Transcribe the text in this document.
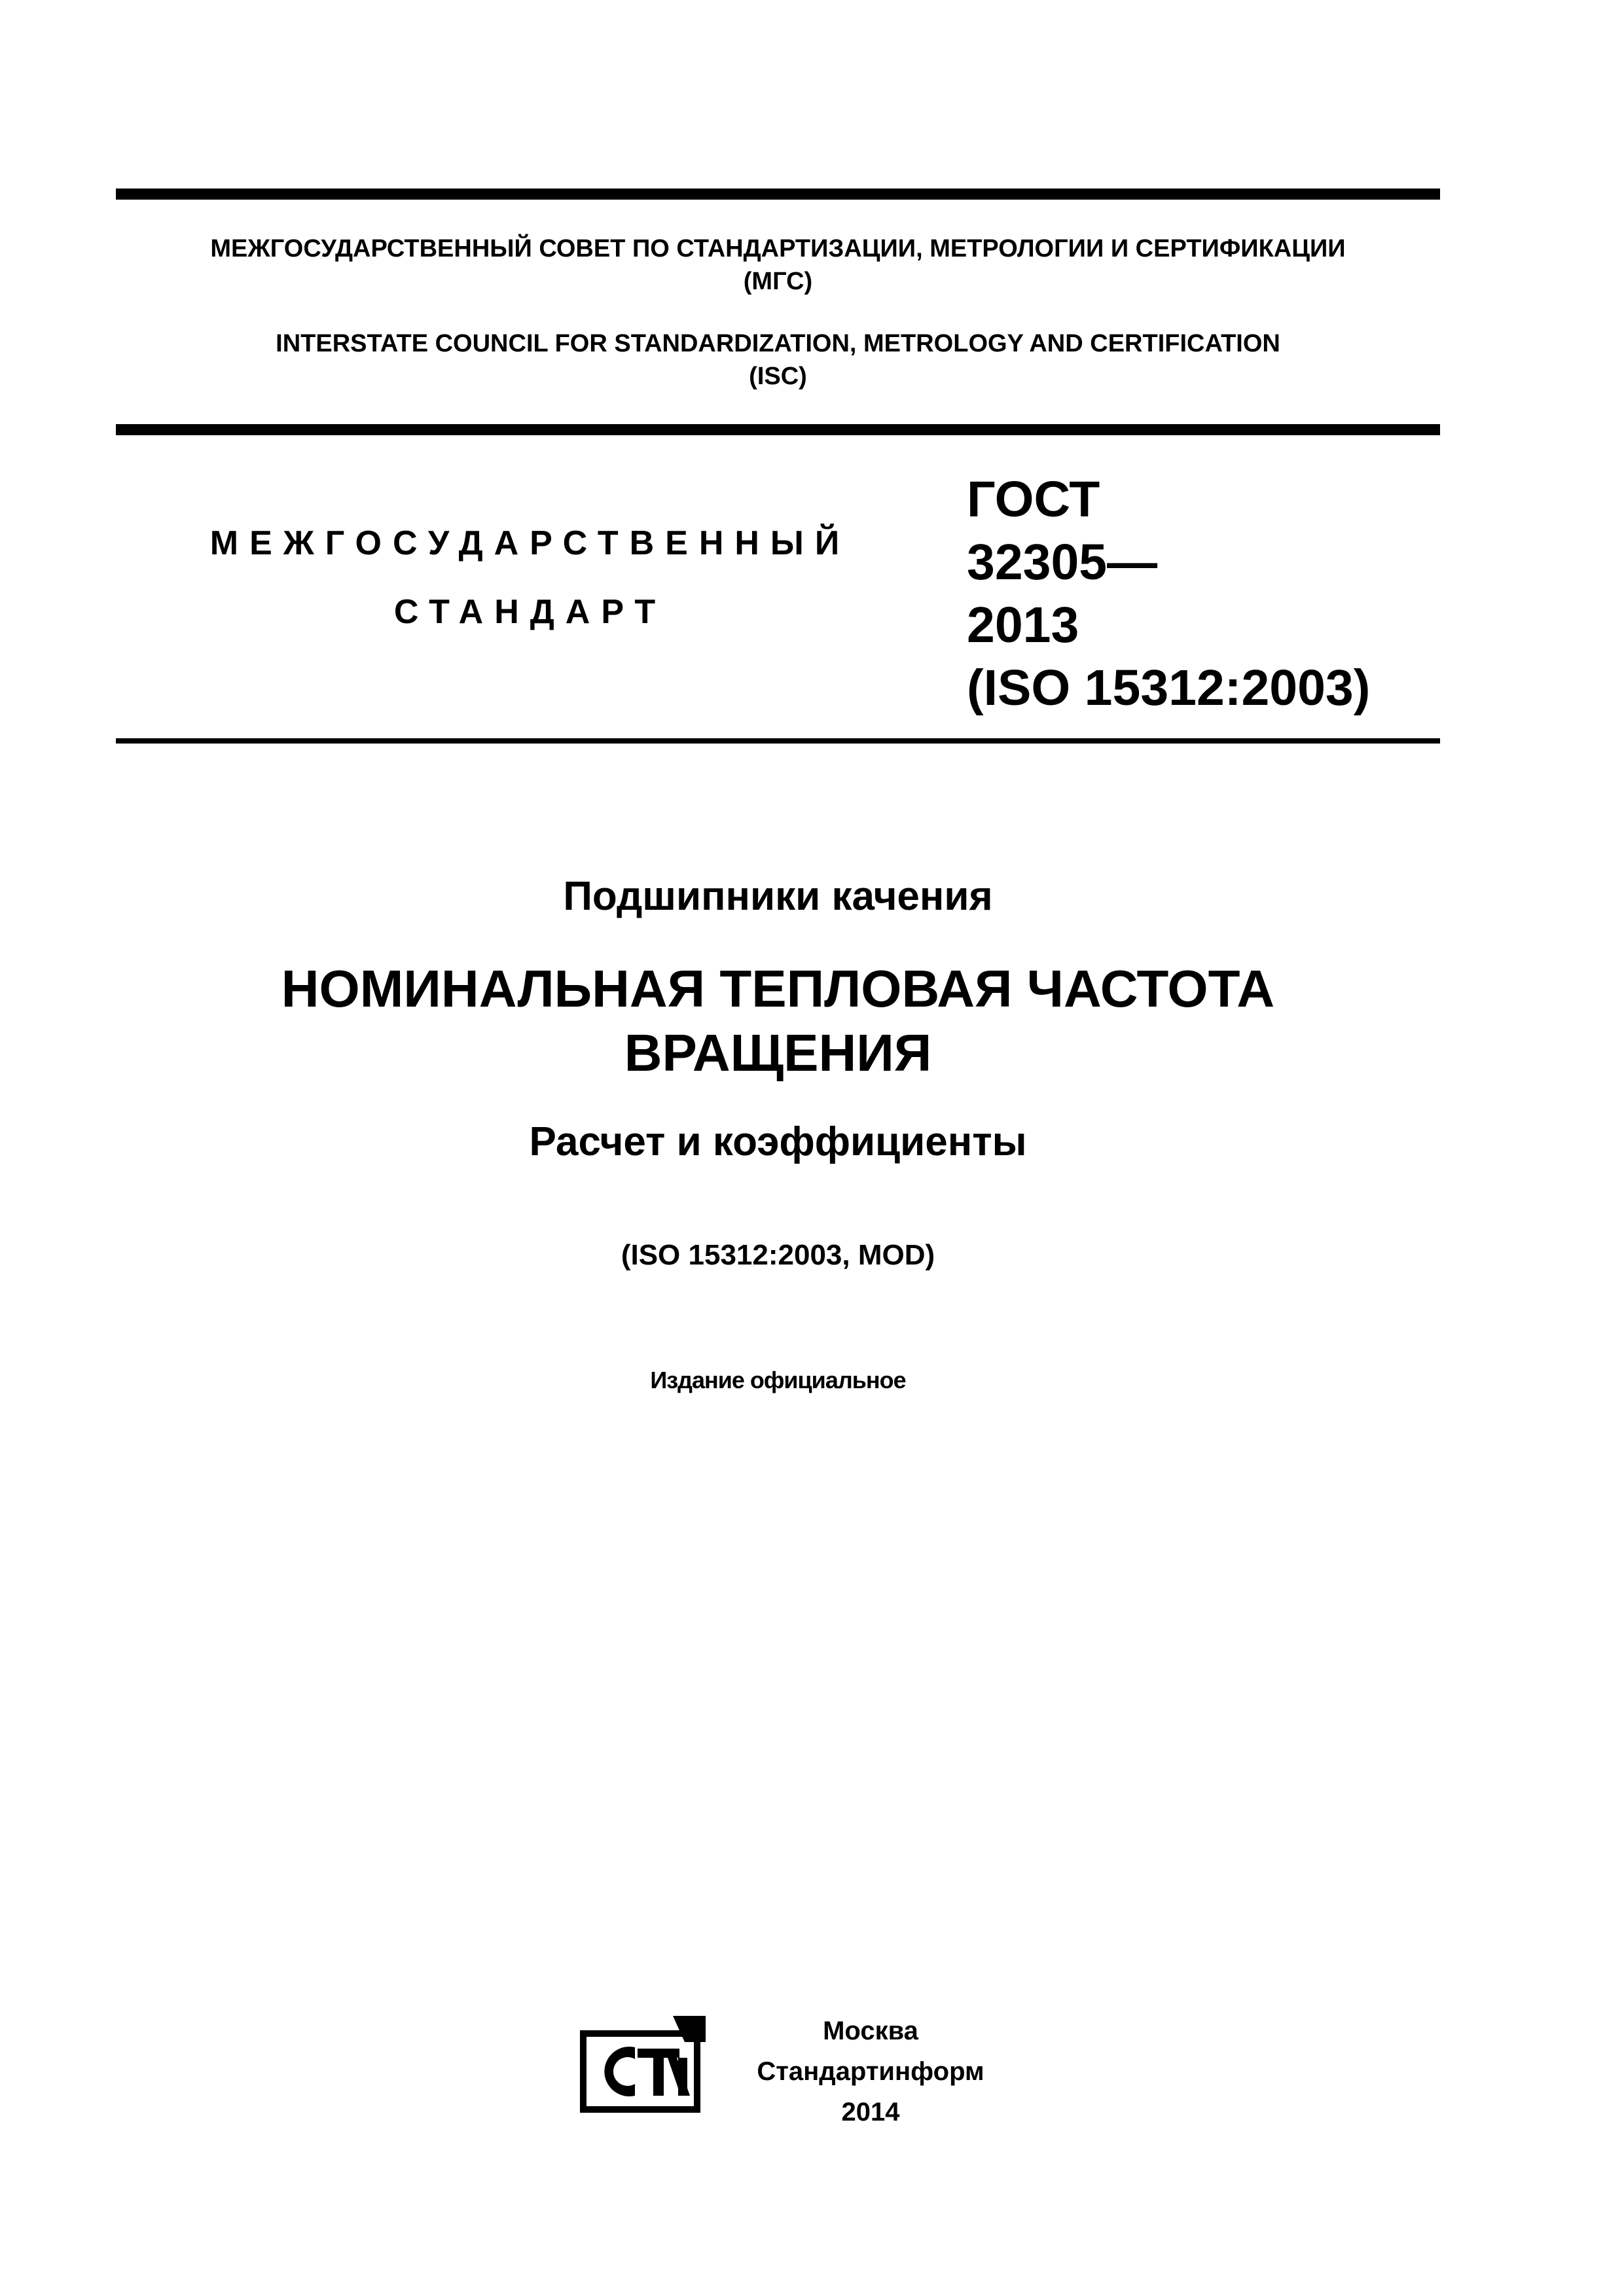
МЕЖГОСУДАРСТВЕННЫЙ СОВЕТ ПО СТАНДАРТИЗАЦИИ, МЕТРОЛОГИИ И СЕРТИФИКАЦИИ
(МГС)
INTERSTATE COUNCIL FOR STANDARDIZATION, METROLOGY AND CERTIFICATION
(ISC)
МЕЖГОСУДАРСТВЕННЫЙ
СТАНДАРТ
ГОСТ
32305—
2013
(ISO 15312:2003)
Подшипники качения
НОМИНАЛЬНАЯ ТЕПЛОВАЯ ЧАСТОТА
ВРАЩЕНИЯ
Расчет и коэффициенты
(ISO 15312:2003, MOD)
Издание официальное
Москва
Стандартинформ
2014
